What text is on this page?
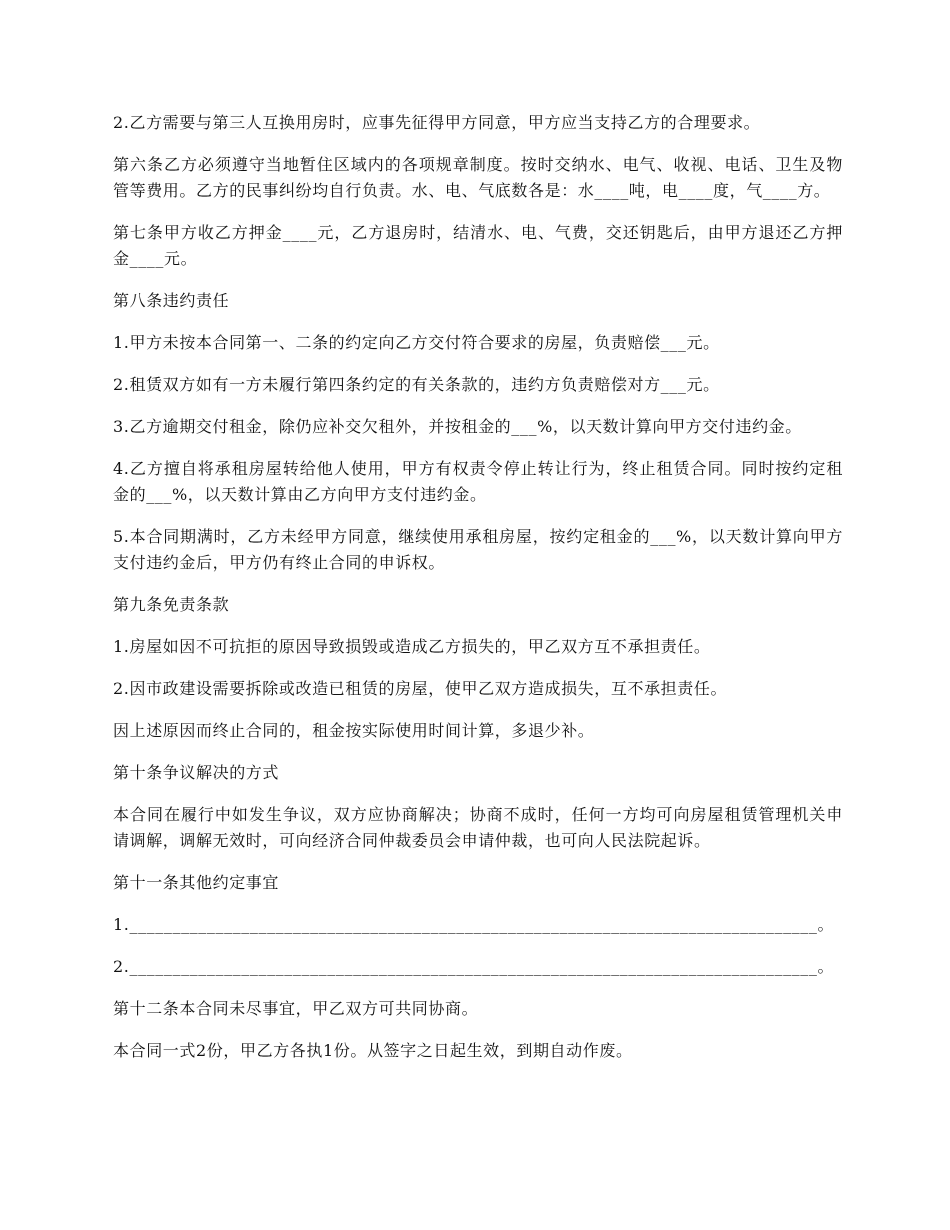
2.乙方需要与第三人互换用房时，应事先征得甲方同意，甲方应当支持乙方的合理要求。

第六条乙方必须遵守当地暂住区域内的各项规章制度。按时交纳水、电气、收视、电话、卫生及物管等费用。乙方的民事纠纷均自行负责。水、电、气底数各是：水____吨，电____度，气____方。

第七条甲方收乙方押金____元，乙方退房时，结清水、电、气费，交还钥匙后，由甲方退还乙方押金____元。

第八条违约责任

1.甲方未按本合同第一、二条的约定向乙方交付符合要求的房屋，负责赔偿___元。

2.租赁双方如有一方未履行第四条约定的有关条款的，违约方负责赔偿对方___元。

3.乙方逾期交付租金，除仍应补交欠租外，并按租金的___%，以天数计算向甲方交付违约金。

4.乙方擅自将承租房屋转给他人使用，甲方有权责令停止转让行为，终止租赁合同。同时按约定租金的___%，以天数计算由乙方向甲方支付违约金。

5.本合同期满时，乙方未经甲方同意，继续使用承租房屋，按约定租金的___%，以天数计算向甲方支付违约金后，甲方仍有终止合同的申诉权。

第九条免责条款

1.房屋如因不可抗拒的原因导致损毁或造成乙方损失的，甲乙双方互不承担责任。

2.因市政建设需要拆除或改造已租赁的房屋，使甲乙双方造成损失，互不承担责任。

因上述原因而终止合同的，租金按实际使用时间计算，多退少补。

第十条争议解决的方式

本合同在履行中如发生争议，双方应协商解决；协商不成时，任何一方均可向房屋租赁管理机关申请调解，调解无效时，可向经济合同仲裁委员会申请仲裁，也可向人民法院起诉。

第十一条其他约定事宜

1.________________________________________________________________________________。

2.________________________________________________________________________________。

第十二条本合同未尽事宜，甲乙双方可共同协商。

本合同一式2份，甲乙方各执1份。从签字之日起生效，到期自动作废。
